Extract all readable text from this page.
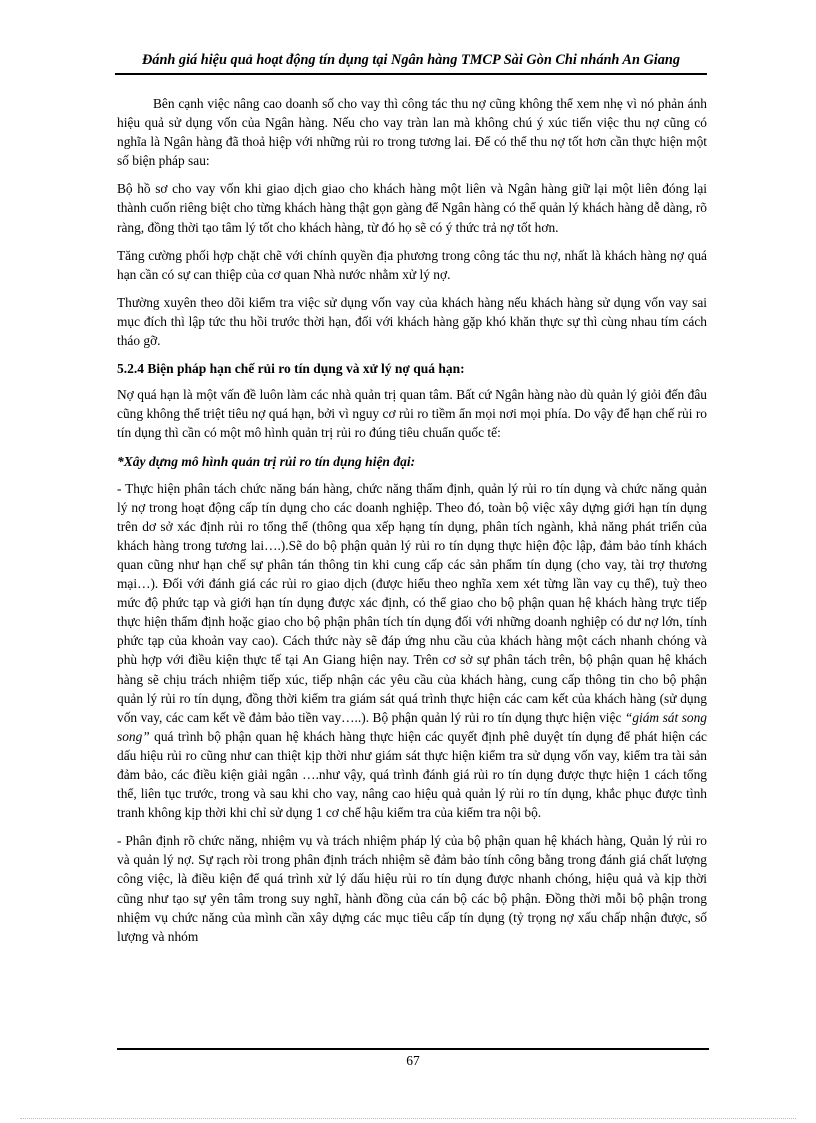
Đánh giá hiệu quả hoạt động tín dụng tại Ngân hàng TMCP Sài Gòn Chi nhánh An Giang

Bên cạnh việc nâng cao doanh số cho vay thì công tác thu nợ cũng không thể xem nhẹ vì nó phản ánh hiệu quả sử dụng vốn của Ngân hàng. Nếu cho vay tràn lan mà không chú ý xúc tiến việc thu nợ cũng có nghĩa là Ngân hàng đã thoả hiệp với những rủi ro trong tương lai. Để có thể thu nợ tốt hơn cần thực hiện một số biện pháp sau:

Bộ hồ sơ cho vay vốn khi giao dịch giao cho khách hàng một liên và Ngân hàng giữ lại một liên đóng lại thành cuốn riêng biệt cho từng khách hàng thật gọn gàng để Ngân hàng có thể quản lý khách hàng dễ dàng, rõ ràng, đồng thời tạo tâm lý tốt cho khách hàng, từ đó họ sẽ có ý thức trả nợ tốt hơn.

Tăng cường phối hợp chặt chẽ với chính quyền địa phương trong công tác thu nợ, nhất là khách hàng nợ quá hạn cần có sự can thiệp của cơ quan Nhà nước nhằm xử lý nợ.

Thường xuyên theo dõi kiểm tra việc sử dụng vốn vay của khách hàng nếu khách hàng sử dụng vốn vay sai mục đích thì lập tức thu hồi trước thời hạn, đối với khách hàng gặp khó khăn thực sự thì cùng nhau tím cách tháo gỡ.

5.2.4 Biện pháp hạn chế rủi ro tín dụng và xử lý nợ quá hạn:

Nợ quá hạn là một vấn đề luôn làm các nhà quản trị quan tâm. Bất cứ Ngân hàng nào dù quản lý giỏi đến đâu cũng không thể triệt tiêu nợ quá hạn, bởi vì nguy cơ rủi ro tiềm ẩn mọi nơi mọi phía. Do vậy để hạn chế rủi ro tín dụng thì cần có một mô hình quản trị rủi ro đúng tiêu chuẩn quốc tế:

*Xây dựng mô hình quản trị rủi ro tín dụng hiện đại:

- Thực hiện phân tách chức năng bán hàng, chức năng thẩm định, quản lý rủi ro tín dụng và chức năng quản lý nợ trong hoạt động cấp tín dụng cho các doanh nghiệp. Theo đó, toàn bộ việc xây dựng giới hạn tín dụng trên dơ sở xác định rủi ro tổng thể (thông qua xếp hạng tín dụng, phân tích ngành, khả năng phát triển của khách hàng trong tương lai….).Sẽ do bộ phận quản lý rủi ro tín dụng thực hiện độc lập, đảm bảo tính khách quan cũng như hạn chế sự phân tán thông tin khi cung cấp các sản phẩm tín dụng (cho vay, tài trợ thương mại…). Đối với đánh giá các rủi ro giao dịch (được hiểu theo nghĩa xem xét từng lần vay cụ thể), tuỳ theo mức độ phức tạp và giới hạn tín dụng được xác định, có thể giao cho bộ phận quan hệ khách hàng trực tiếp thực hiện thẩm định hoặc giao cho bộ phận phân tích tín dụng đối với những doanh nghiệp có dư nợ lớn, tính phức tạp của khoản vay cao). Cách thức này sẽ đáp ứng nhu cầu của khách hàng một cách nhanh chóng và phù hợp với điều kiện thực tế tại An Giang hiện nay. Trên cơ sở sự phân tách trên, bộ phận quan hệ khách hàng sẽ chịu trách nhiệm tiếp xúc, tiếp nhận các yêu cầu của khách hàng, cung cấp thông tin cho bộ phận quản lý rủi ro tín dụng, đồng thời kiểm tra giám sát quá trình thực hiện các cam kết của khách hàng (sử dụng vốn vay, các cam kết về đảm bảo tiền vay…..). Bộ phận quản lý rủi ro tín dụng thực hiện việc “giám sát song song” quá trình bộ phận quan hệ khách hàng thực hiện các quyết định phê duyệt tín dụng để phát hiện các dấu hiệu rủi ro cũng như can thiệt kịp thời như giám sát thực hiện kiểm tra sử dụng vốn vay, kiểm tra tài sản đảm bảo, các điều kiện giải ngân ….như vậy, quá trình đánh giá rủi ro tín dụng được thực hiện 1 cách tổng thể, liên tục trước, trong và sau khi cho vay, nâng cao hiệu quả quản lý rủi ro tín dụng, khắc phục được tình tranh không kịp thời khi chỉ sử dụng 1 cơ chế hậu kiểm tra của kiểm tra nội bộ.

- Phân định rõ chức năng, nhiệm vụ và trách nhiệm pháp lý của bộ phận quan hệ khách hàng, Quản lý rủi ro và quản lý nợ. Sự rạch ròi trong phân định trách nhiệm sẽ đảm bảo tính công bằng trong đánh giá chất lượng công việc, là điều kiện để quá trình xử lý dấu hiệu rủi ro tín dụng được nhanh chóng, hiệu quả và kịp thời cũng như tạo sự yên tâm trong suy nghĩ, hành đồng của cán bộ các bộ phận. Đồng thời mỗi bộ phận trong nhiệm vụ chức năng của mình cần xây dựng các mục tiêu cấp tín dụng (tỷ trọng nợ xấu chấp nhận được, số lượng và nhóm

67
